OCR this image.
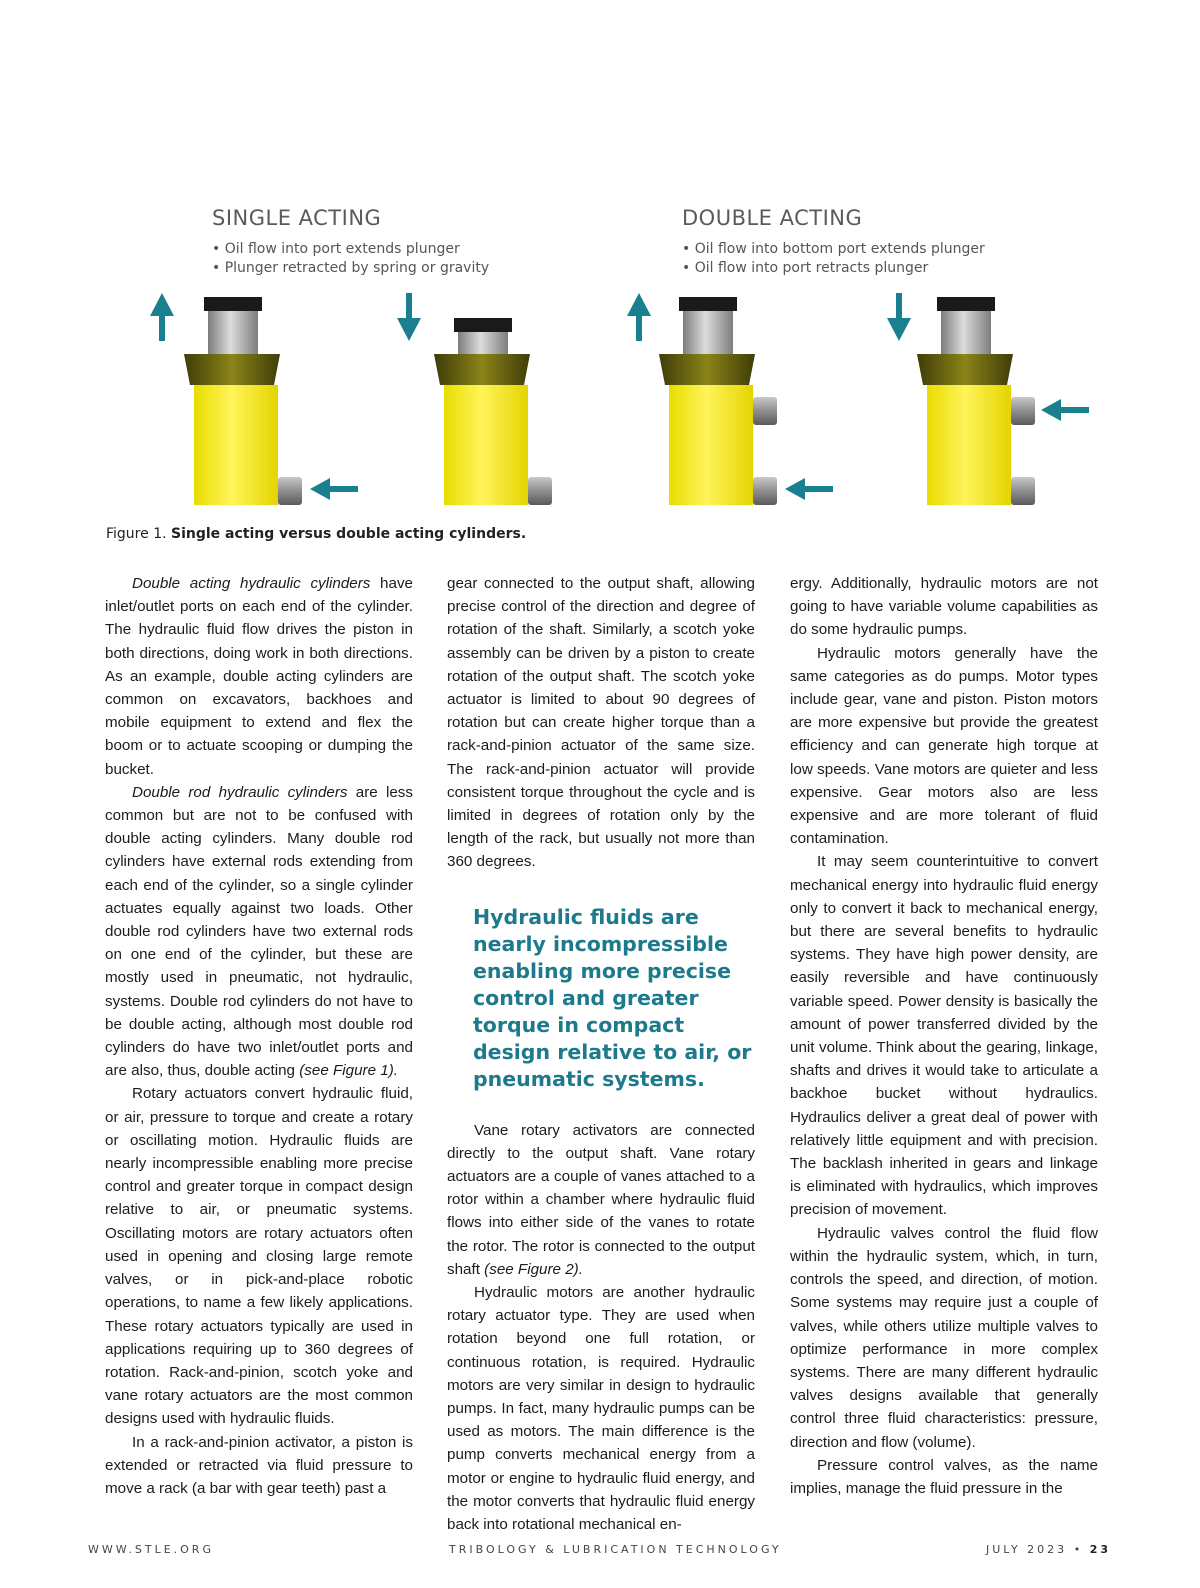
SINGLE ACTING
• Oil flow into port extends plunger
• Plunger retracted by spring or gravity
DOUBLE ACTING
• Oil flow into bottom port extends plunger
• Oil flow into port retracts plunger
Figure 1. Single acting versus double acting cylinders.

Double acting hydraulic cylinders have inlet/outlet ports on each end of the cylinder. The hydraulic fluid flow drives the piston in both directions, doing work in both directions. As an example, double acting cylinders are common on excavators, backhoes and mobile equipment to extend and flex the boom or to actuate scooping or dumping the bucket.

Double rod hydraulic cylinders are less common but are not to be confused with double acting cylinders. Many double rod cylinders have external rods extending from each end of the cylinder, so a single cylinder actuates equally against two loads. Other double rod cylinders have two external rods on one end of the cylinder, but these are mostly used in pneumatic, not hydraulic, systems. Double rod cylinders do not have to be double acting, although most double rod cylinders do have two inlet/outlet ports and are also, thus, double acting (see Figure 1).

Rotary actuators convert hydraulic fluid, or air, pressure to torque and create a rotary or oscillating motion. Hydraulic fluids are nearly incompressible enabling more precise control and greater torque in compact design relative to air, or pneumatic systems. Oscillating motors are rotary actuators often used in opening and closing large remote valves, or in pick-and-place robotic operations, to name a few likely applications. These rotary actuators typically are used in applications requiring up to 360 degrees of rotation. Rack-and-pinion, scotch yoke and vane rotary actuators are the most common designs used with hydraulic fluids.

In a rack-and-pinion activator, a piston is extended or retracted via fluid pressure to move a rack (a bar with gear teeth) past a

gear connected to the output shaft, allowing precise control of the direction and degree of rotation of the shaft. Similarly, a scotch yoke assembly can be driven by a piston to create rotation of the output shaft. The scotch yoke actuator is limited to about 90 degrees of rotation but can create higher torque than a rack-and-pinion actuator of the same size. The rack-and-pinion actuator will provide consistent torque throughout the cycle and is limited in degrees of rotation only by the length of the rack, but usually not more than 360 degrees.

Hydraulic fluids are nearly incompressible enabling more precise control and greater torque in compact design relative to air, or pneumatic systems.

Vane rotary activators are connected directly to the output shaft. Vane rotary actuators are a couple of vanes attached to a rotor within a chamber where hydraulic fluid flows into either side of the vanes to rotate the rotor. The rotor is connected to the output shaft (see Figure 2).

Hydraulic motors are another hydraulic rotary actuator type. They are used when rotation beyond one full rotation, or continuous rotation, is required. Hydraulic motors are very similar in design to hydraulic pumps. In fact, many hydraulic pumps can be used as motors. The main difference is the pump converts mechanical energy from a motor or engine to hydraulic fluid energy, and the motor converts that hydraulic fluid energy back into rotational mechanical en-

ergy. Additionally, hydraulic motors are not going to have variable volume capabilities as do some hydraulic pumps.

Hydraulic motors generally have the same categories as do pumps. Motor types include gear, vane and piston. Piston motors are more expensive but provide the greatest efficiency and can generate high torque at low speeds. Vane motors are quieter and less expensive. Gear motors also are less expensive and are more tolerant of fluid contamination.

It may seem counterintuitive to convert mechanical energy into hydraulic fluid energy only to convert it back to mechanical energy, but there are several benefits to hydraulic systems. They have high power density, are easily reversible and have continuously variable speed. Power density is basically the amount of power transferred divided by the unit volume. Think about the gearing, linkage, shafts and drives it would take to articulate a backhoe bucket without hydraulics. Hydraulics deliver a great deal of power with relatively little equipment and with precision. The backlash inherited in gears and linkage is eliminated with hydraulics, which improves precision of movement.

Hydraulic valves control the fluid flow within the hydraulic system, which, in turn, controls the speed, and direction, of motion. Some systems may require just a couple of valves, while others utilize multiple valves to optimize performance in more complex systems. There are many different hydraulic valves designs available that generally control three fluid characteristics: pressure, direction and flow (volume).

Pressure control valves, as the name implies, manage the fluid pressure in the

WWW.STLE.ORG	TRIBOLOGY & LUBRICATION TECHNOLOGY	JULY 2023 • 23
